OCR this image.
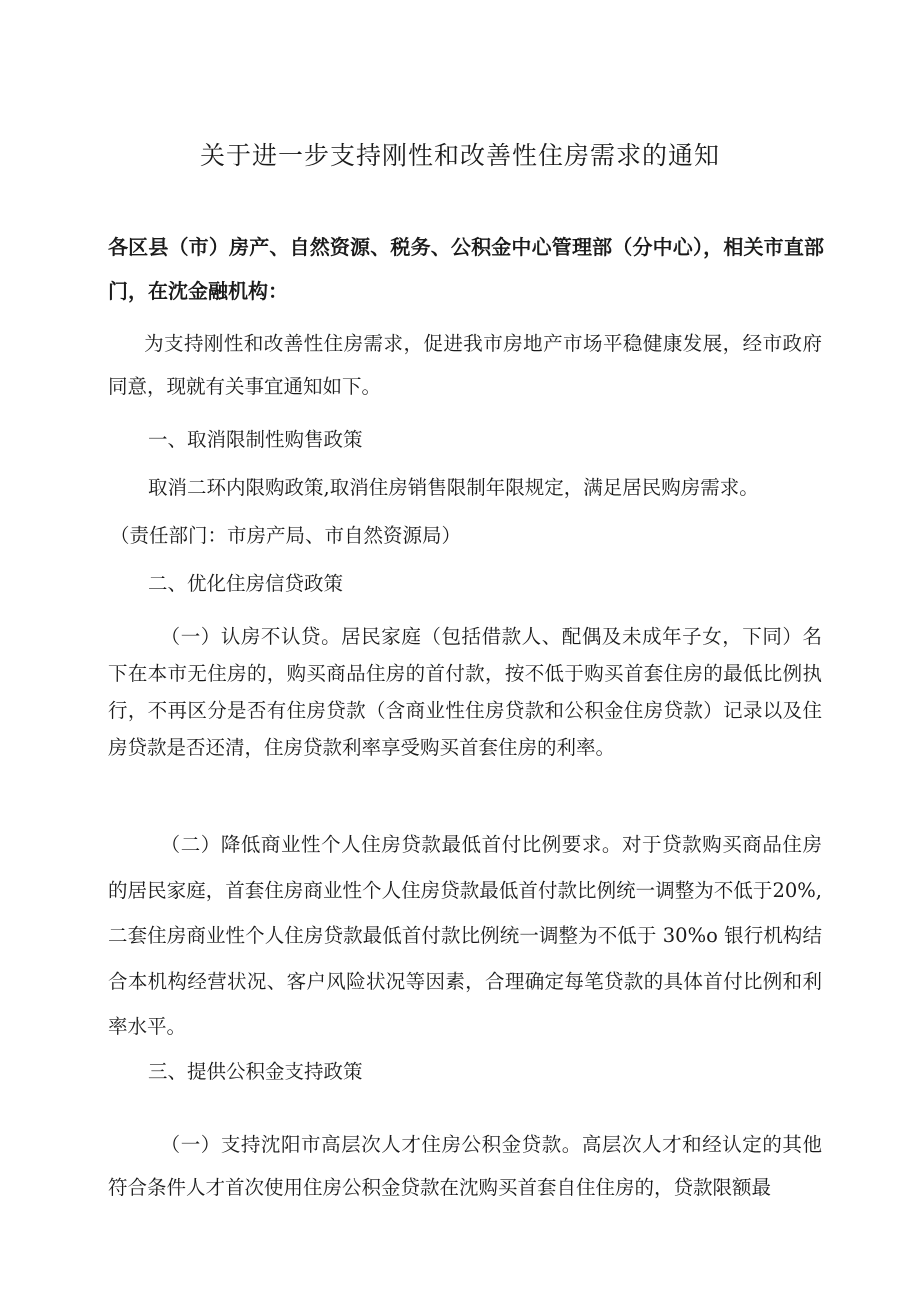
关于进一步支持刚性和改善性住房需求的通知

各区县（市）房产、自然资源、税务、公积金中心管理部（分中心），相关市直部门，在沈金融机构：

为支持刚性和改善性住房需求，促进我市房地产市场平稳健康发展，经市政府同意，现就有关事宜通知如下。

一、取消限制性购售政策

取消二环内限购政策,取消住房销售限制年限规定，满足居民购房需求。

（责任部门：市房产局、市自然资源局）

二、优化住房信贷政策

（一）认房不认贷。居民家庭（包括借款人、配偶及未成年子女，下同）名下在本市无住房的，购买商品住房的首付款，按不低于购买首套住房的最低比例执行，不再区分是否有住房贷款（含商业性住房贷款和公积金住房贷款）记录以及住房贷款是否还清，住房贷款利率享受购买首套住房的利率。

（二）降低商业性个人住房贷款最低首付比例要求。对于贷款购买商品住房的居民家庭，首套住房商业性个人住房贷款最低首付款比例统一调整为不低于20%,二套住房商业性个人住房贷款最低首付款比例统一调整为不低于 30%o 银行机构结合本机构经营状况、客户风险状况等因素，合理确定每笔贷款的具体首付比例和利率水平。

三、提供公积金支持政策

（一）支持沈阳市高层次人才住房公积金贷款。高层次人才和经认定的其他符合条件人才首次使用住房公积金贷款在沈购买首套自住住房的，贷款限额最
